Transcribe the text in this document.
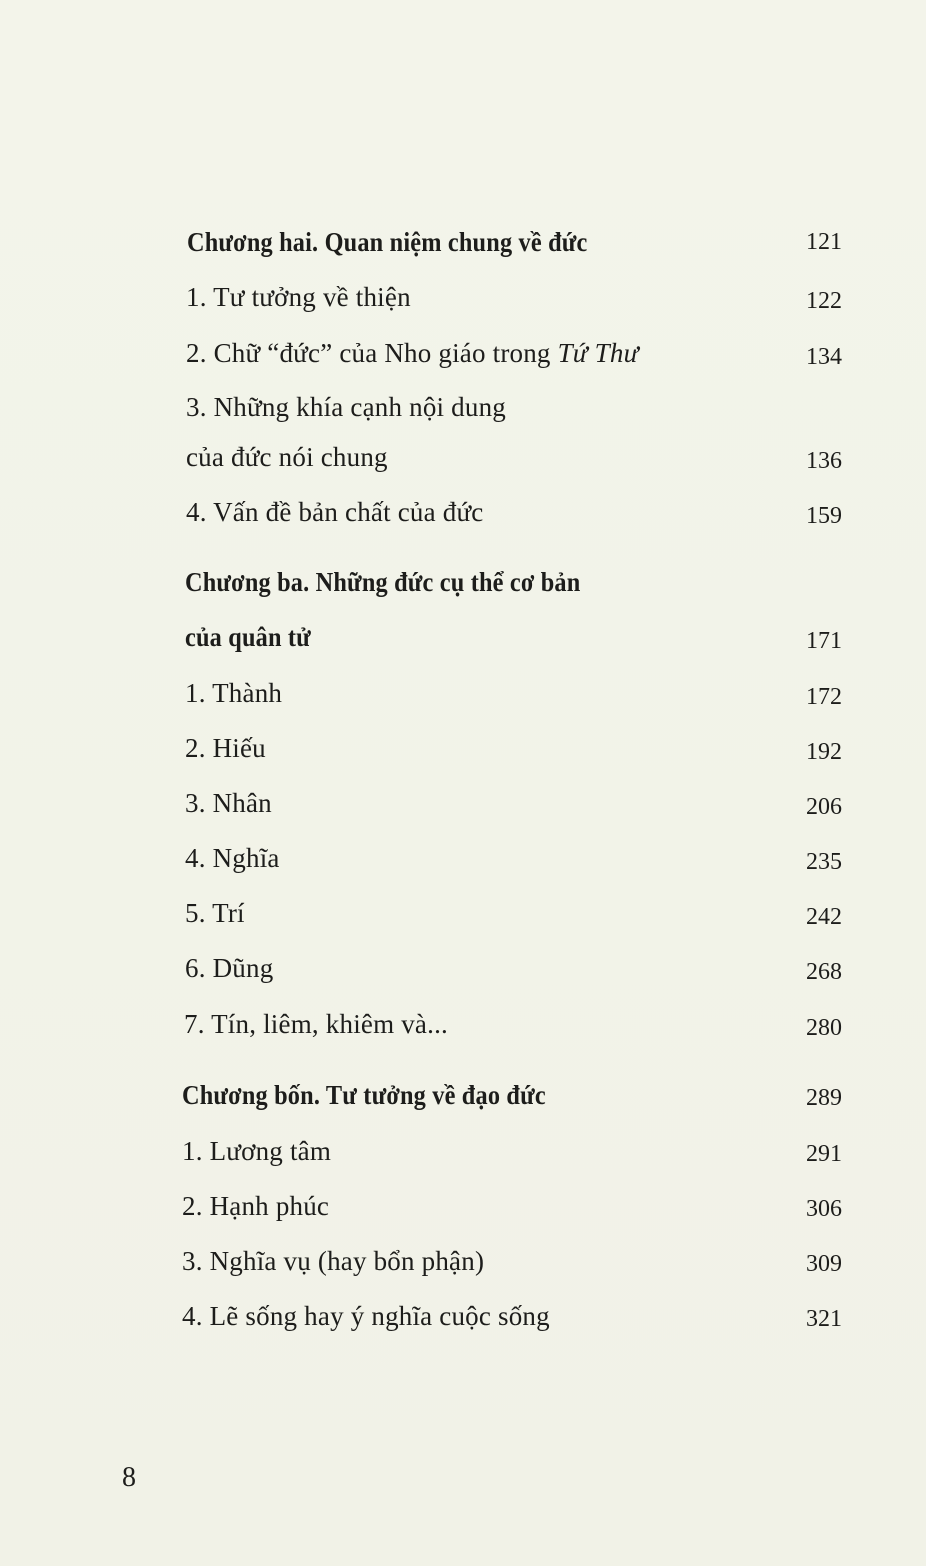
Chương hai. Quan niệm chung về đức	121
1. Tư tưởng về thiện	122
2. Chữ “đức” của Nho giáo trong Tứ Thư	134
3. Những khía cạnh nội dung
của đức nói chung	136
4. Vấn đề bản chất của đức	159
Chương ba. Những đức cụ thể cơ bản
của quân tử	171
1. Thành	172
2. Hiếu	192
3. Nhân	206
4. Nghĩa	235
5. Trí	242
6. Dũng	268
7. Tín, liêm, khiêm và...	280
Chương bốn. Tư tưởng về đạo đức	289
1. Lương tâm	291
2. Hạnh phúc	306
3. Nghĩa vụ (hay bổn phận)	309
4. Lẽ sống hay ý nghĩa cuộc sống	321
8
